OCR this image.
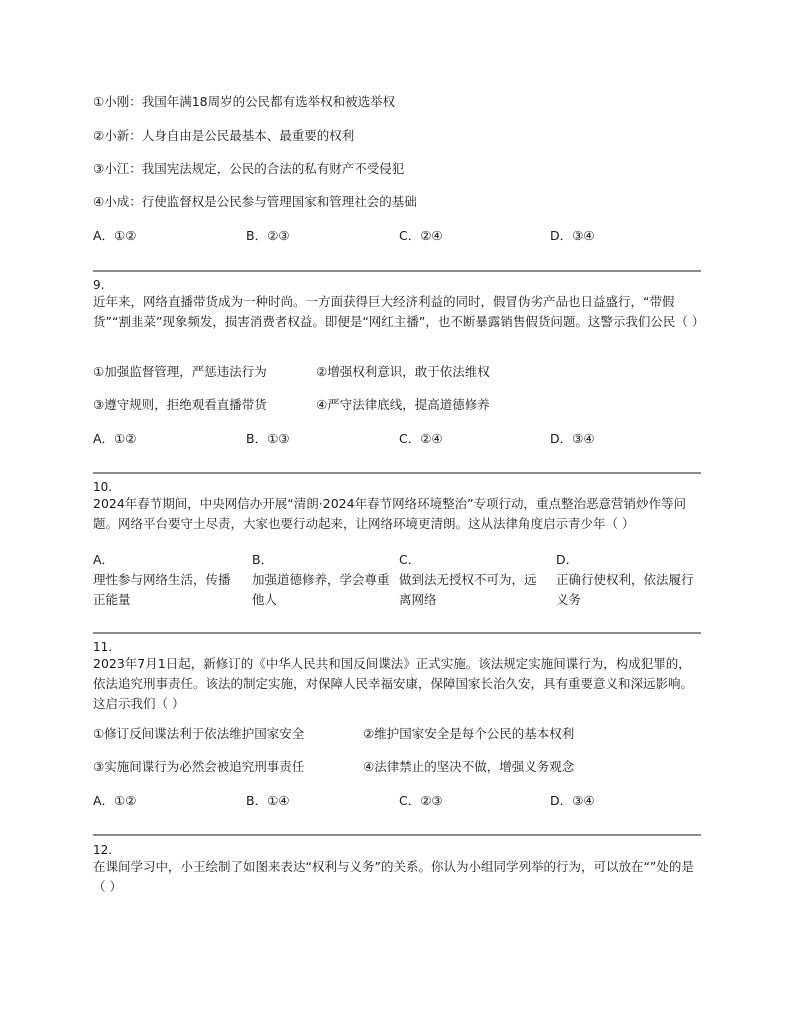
①小刚：我国年满18周岁的公民都有选举权和被选举权
②小新：人身自由是公民最基本、最重要的权利
③小江：我国宪法规定，公民的合法的私有财产不受侵犯
④小成：行使监督权是公民参与管理国家和管理社会的基础
A．①②	B．②③	C．②④	D．③④
9.
近年来，网络直播带货成为一种时尚。一方面获得巨大经济利益的同时，假冒伪劣产品也日益盛行，“带假货”“割韭菜”现象频发，损害消费者权益。即便是“网红主播”，也不断暴露销售假货问题。这警示我们公民（ ）
①加强监督管理，严惩违法行为	②增强权利意识，敢于依法维权
③遵守规则，拒绝观看直播带货	④严守法律底线，提高道德修养
A．①②	B．①③	C．②④	D．③④
10.
2024年春节期间，中央网信办开展“清朗·2024年春节网络环境整治”专项行动，重点整治恶意营销炒作等问题。网络平台要守土尽责，大家也要行动起来，让网络环境更清朗。这从法律角度启示青少年（ ）
A．
理性参与网络生活，传播正能量
B．
加强道德修养，学会尊重他人
C．
做到法无授权不可为，远离网络
D．
正确行使权利，依法履行义务
11.
2023年7月1日起，新修订的《中华人民共和国反间谍法》正式实施。该法规定实施间谍行为，构成犯罪的，依法追究刑事责任。该法的制定实施，对保障人民幸福安康，保障国家长治久安，具有重要意义和深远影响。这启示我们（ ）
①修订反间谍法利于依法维护国家安全	②维护国家安全是每个公民的基本权利
③实施间谍行为必然会被追究刑事责任	④法律禁止的坚决不做，增强义务观念
A．①②	B．①④	C．②③	D．③④
12.
在课间学习中，小王绘制了如图来表达“权利与义务”的关系。你认为小组同学列举的行为，可以放在“”处的是（ ）
